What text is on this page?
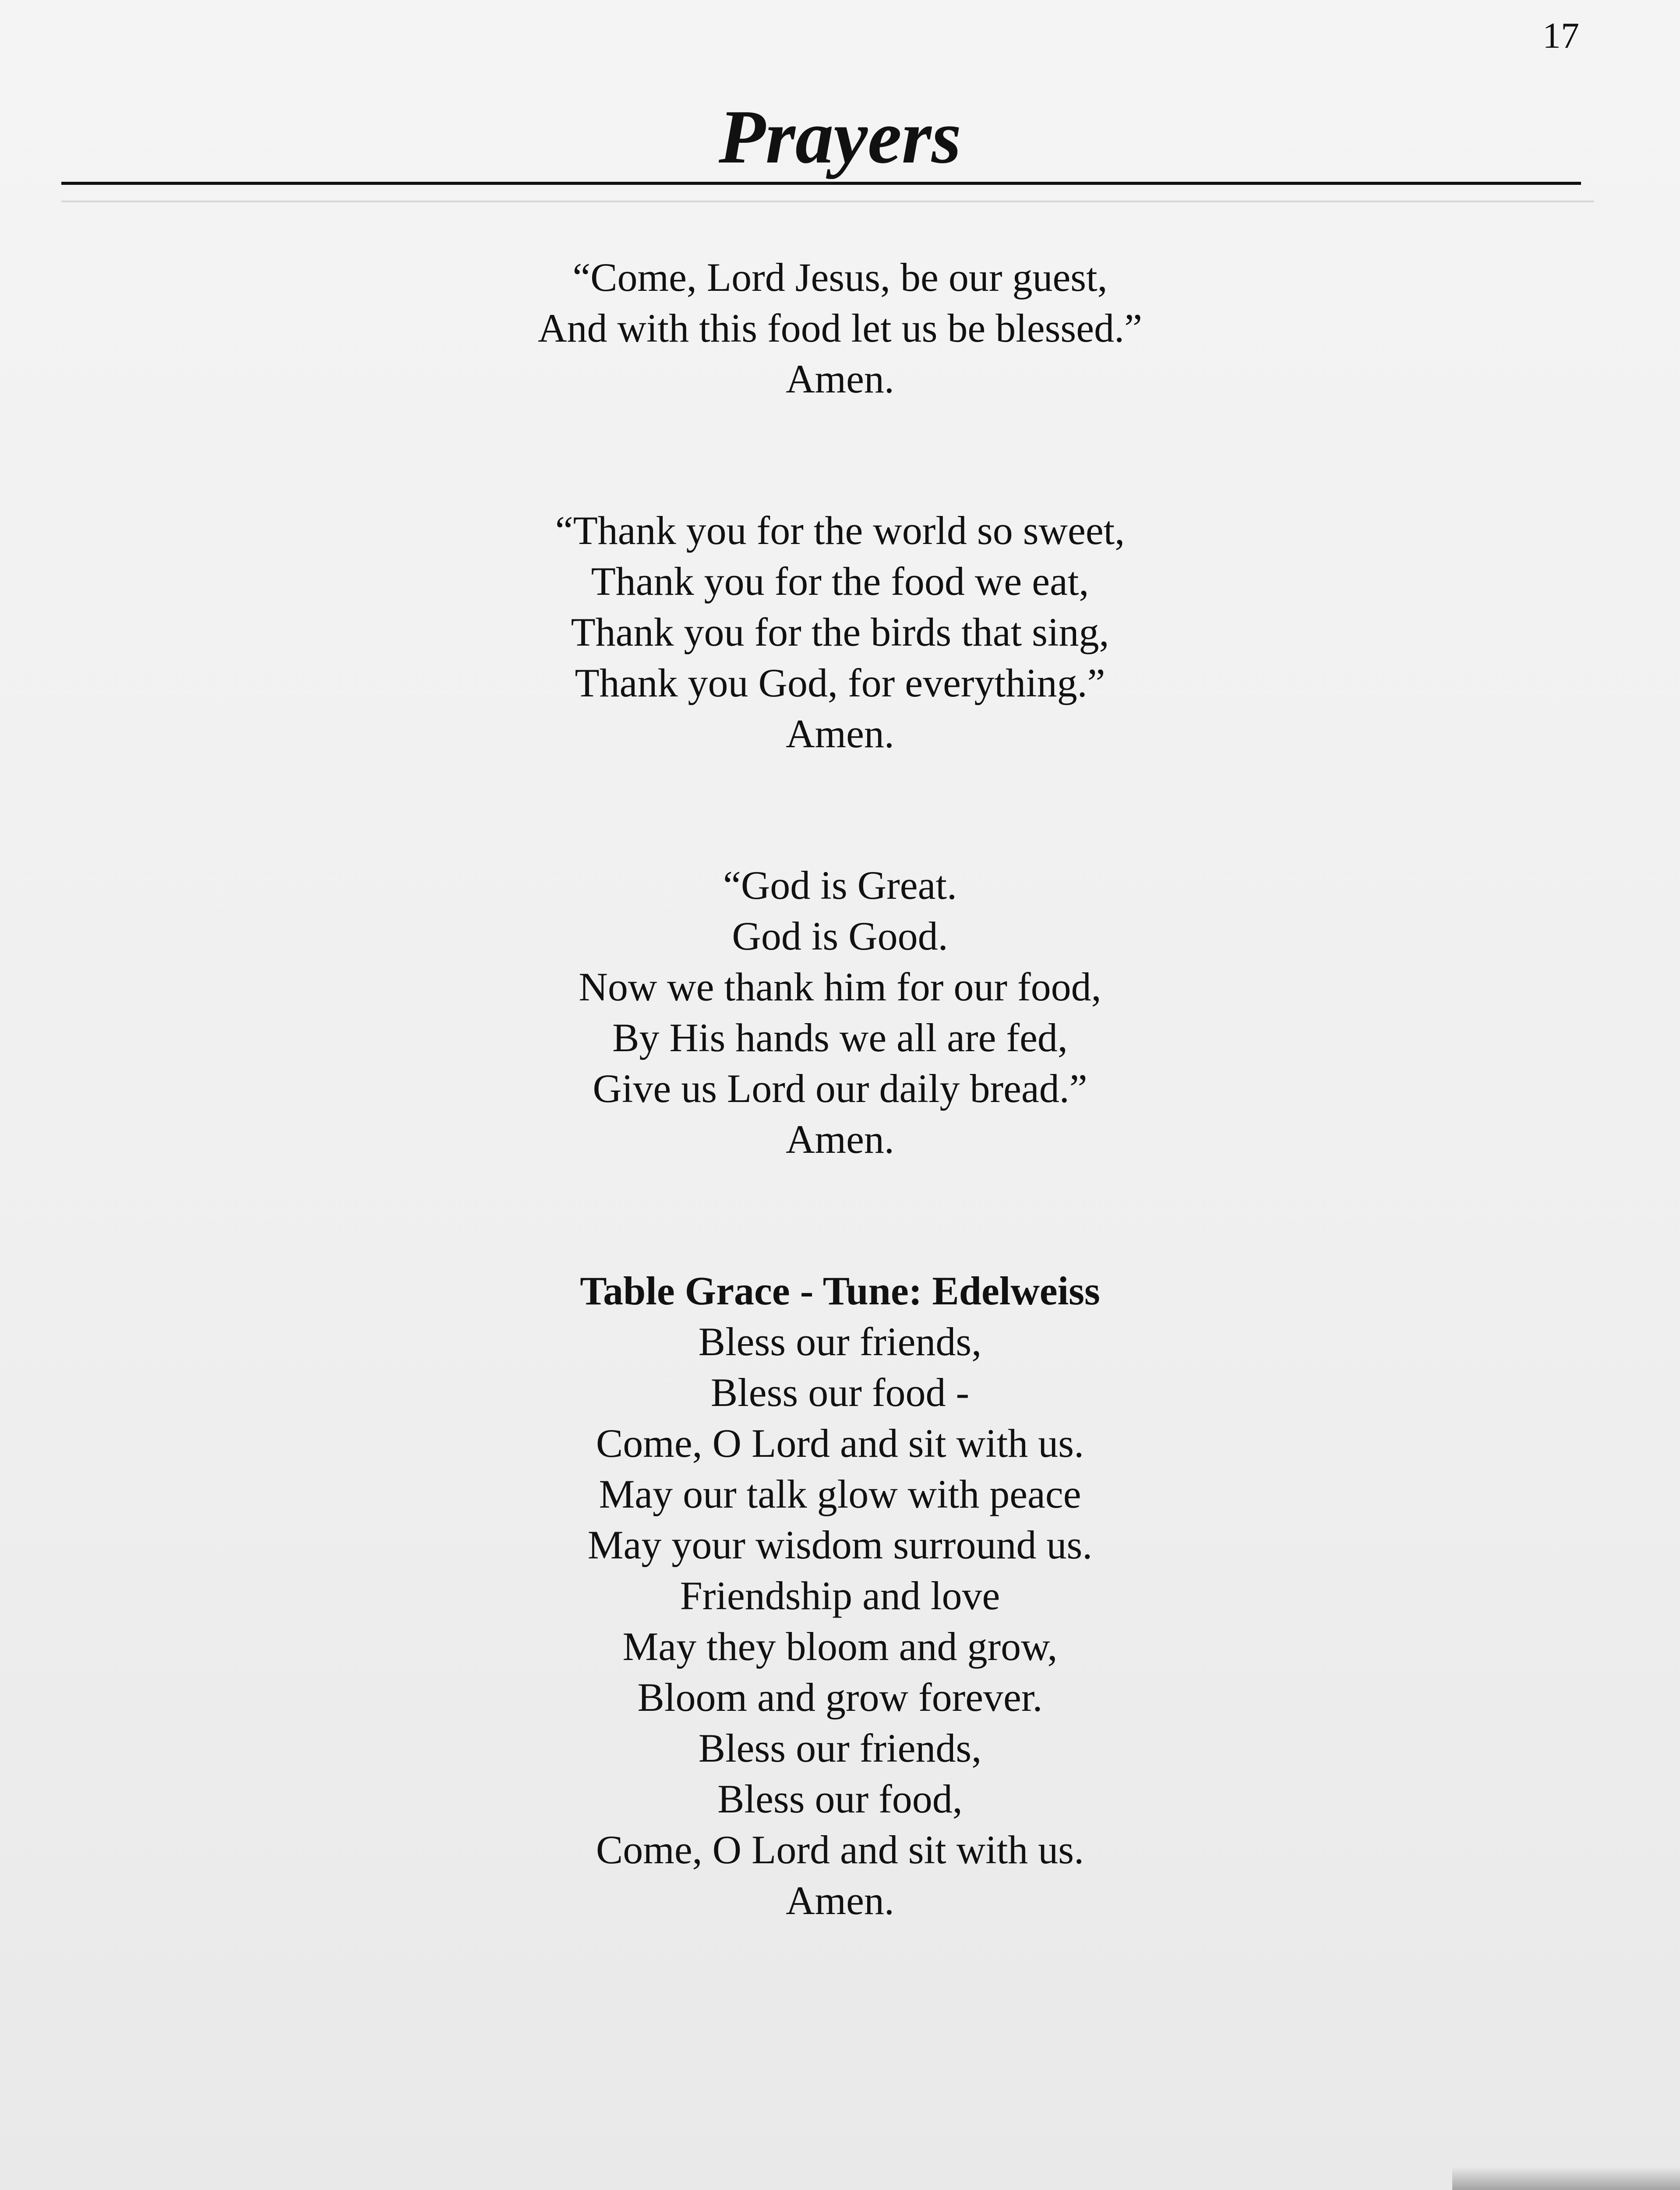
17
Prayers
“Come, Lord Jesus, be our guest,
And with this food let us be blessed.”
Amen.
“Thank you for the world so sweet,
Thank you for the food we eat,
Thank you for the birds that sing,
Thank you God, for everything.”
Amen.
“God is Great.
God is Good.
Now we thank him for our food,
By His hands we all are fed,
Give us Lord our daily bread.”
Amen.
Table Grace - Tune: Edelweiss
Bless our friends,
Bless our food -
Come, O Lord and sit with us.
May our talk glow with peace
May your wisdom surround us.
Friendship and love
May they bloom and grow,
Bloom and grow forever.
Bless our friends,
Bless our food,
Come, O Lord and sit with us.
Amen.
